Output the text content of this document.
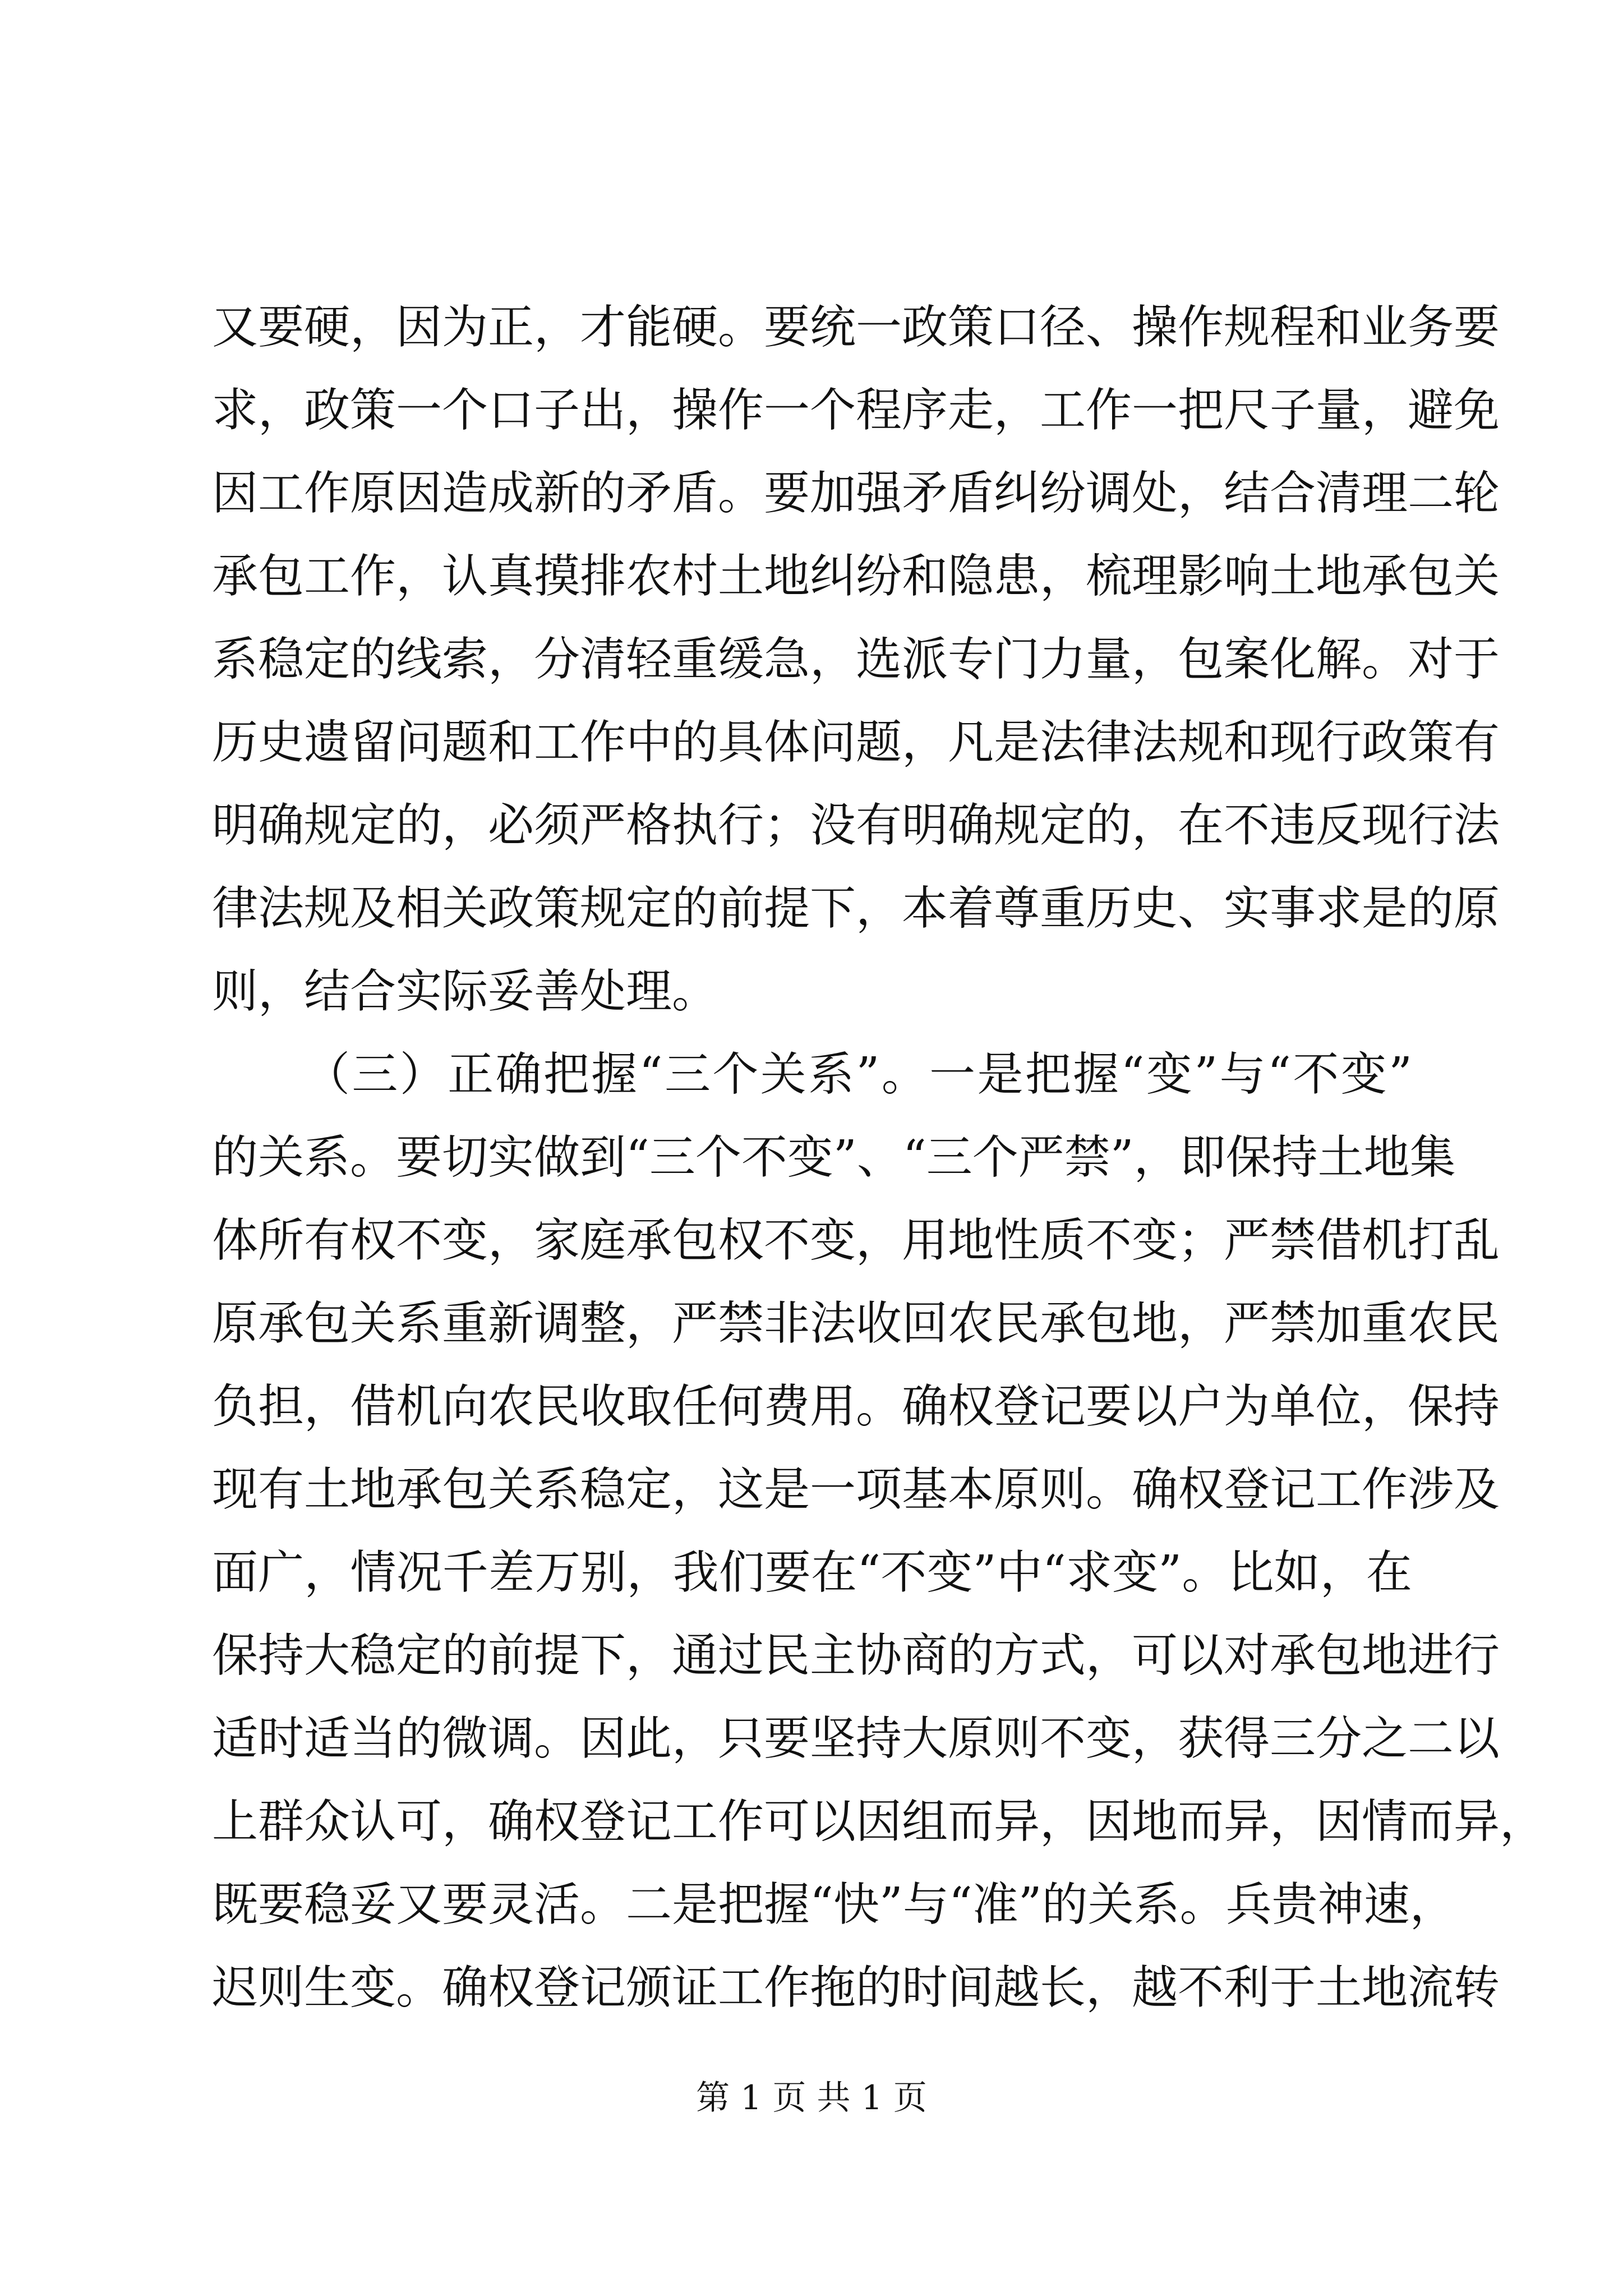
又要硬，因为正，才能硬。要统一政策口径、操作规程和业务要
求，政策一个口子出，操作一个程序走，工作一把尺子量，避免
因工作原因造成新的矛盾。要加强矛盾纠纷调处，结合清理二轮
承包工作，认真摸排农村土地纠纷和隐患，梳理影响土地承包关
系稳定的线索，分清轻重缓急，选派专门力量，包案化解。对于
历史遗留问题和工作中的具体问题，凡是法律法规和现行政策有
明确规定的，必须严格执行；没有明确规定的，在不违反现行法
律法规及相关政策规定的前提下，本着尊重历史、实事求是的原
则，结合实际妥善处理。
（三）正确把握“三个关系”。一是把握“变”与“不变”
的关系。要切实做到“三个不变”、“三个严禁”，即保持土地集
体所有权不变，家庭承包权不变，用地性质不变；严禁借机打乱
原承包关系重新调整，严禁非法收回农民承包地，严禁加重农民
负担，借机向农民收取任何费用。确权登记要以户为单位，保持
现有土地承包关系稳定，这是一项基本原则。确权登记工作涉及
面广，情况千差万别，我们要在“不变”中“求变”。比如，在
保持大稳定的前提下，通过民主协商的方式，可以对承包地进行
适时适当的微调。因此，只要坚持大原则不变，获得三分之二以
上群众认可，确权登记工作可以因组而异，因地而异，因情而异，
既要稳妥又要灵活。二是把握“快”与“准”的关系。兵贵神速，
迟则生变。确权登记颁证工作拖的时间越长，越不利于土地流转
第 1 页 共 1 页
